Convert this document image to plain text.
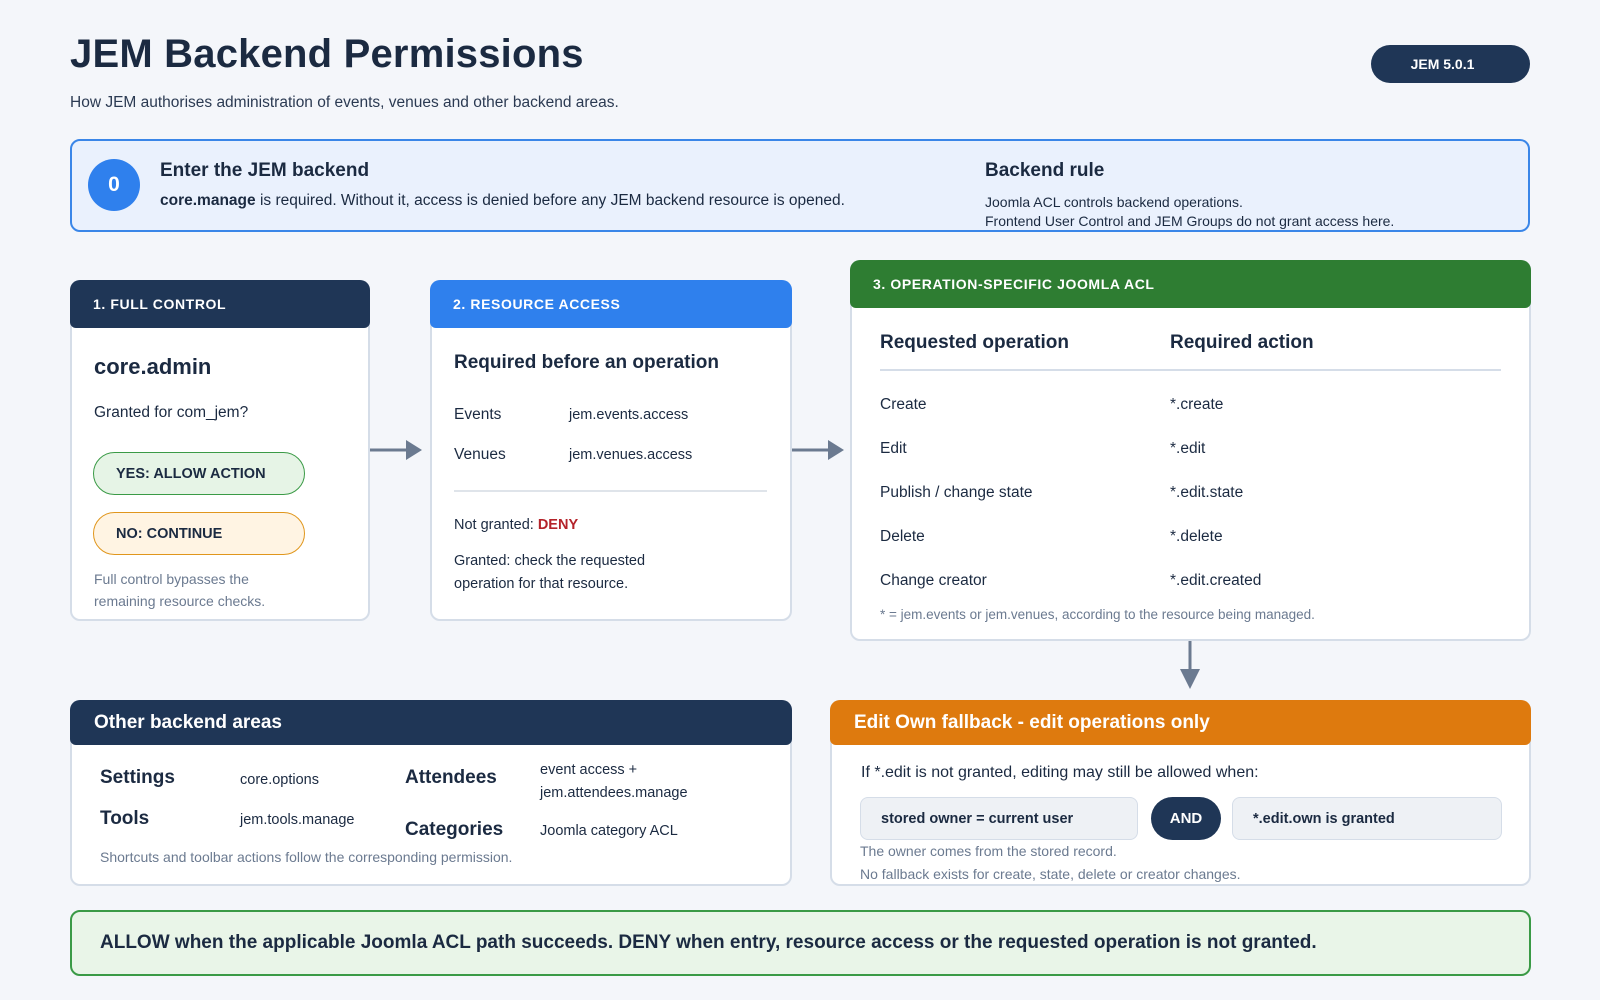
JEM Backend Permissions
How JEM authorises administration of events, venues and other backend areas.
JEM 5.0.1
0
Enter the JEM backend
core.manage is required. Without it, access is denied before any JEM backend resource is opened.
Backend rule
Joomla ACL controls backend operations.
Frontend User Control and JEM Groups do not grant access here.
1. FULL CONTROL
core.admin
Granted for com_jem?
YES: ALLOW ACTION
NO: CONTINUE
Full control bypasses the
remaining resource checks.
2. RESOURCE ACCESS
Required before an operation
Events	jem.events.access
Venues	jem.venues.access
Not granted: DENY
Granted: check the requested
operation for that resource.
3. OPERATION-SPECIFIC JOOMLA ACL
Requested operation	Required action
Create	*.create
Edit	*.edit
Publish / change state	*.edit.state
Delete	*.delete
Change creator	*.edit.created
* = jem.events or jem.venues, according to the resource being managed.
Other backend areas
Settings	core.options
Tools	jem.tools.manage
Attendees	event access +
jem.attendees.manage
Categories	Joomla category ACL
Shortcuts and toolbar actions follow the corresponding permission.
Edit Own fallback - edit operations only
If *.edit is not granted, editing may still be allowed when:
stored owner = current user	AND	*.edit.own is granted
The owner comes from the stored record.
No fallback exists for create, state, delete or creator changes.
ALLOW when the applicable Joomla ACL path succeeds. DENY when entry, resource access or the requested operation is not granted.
